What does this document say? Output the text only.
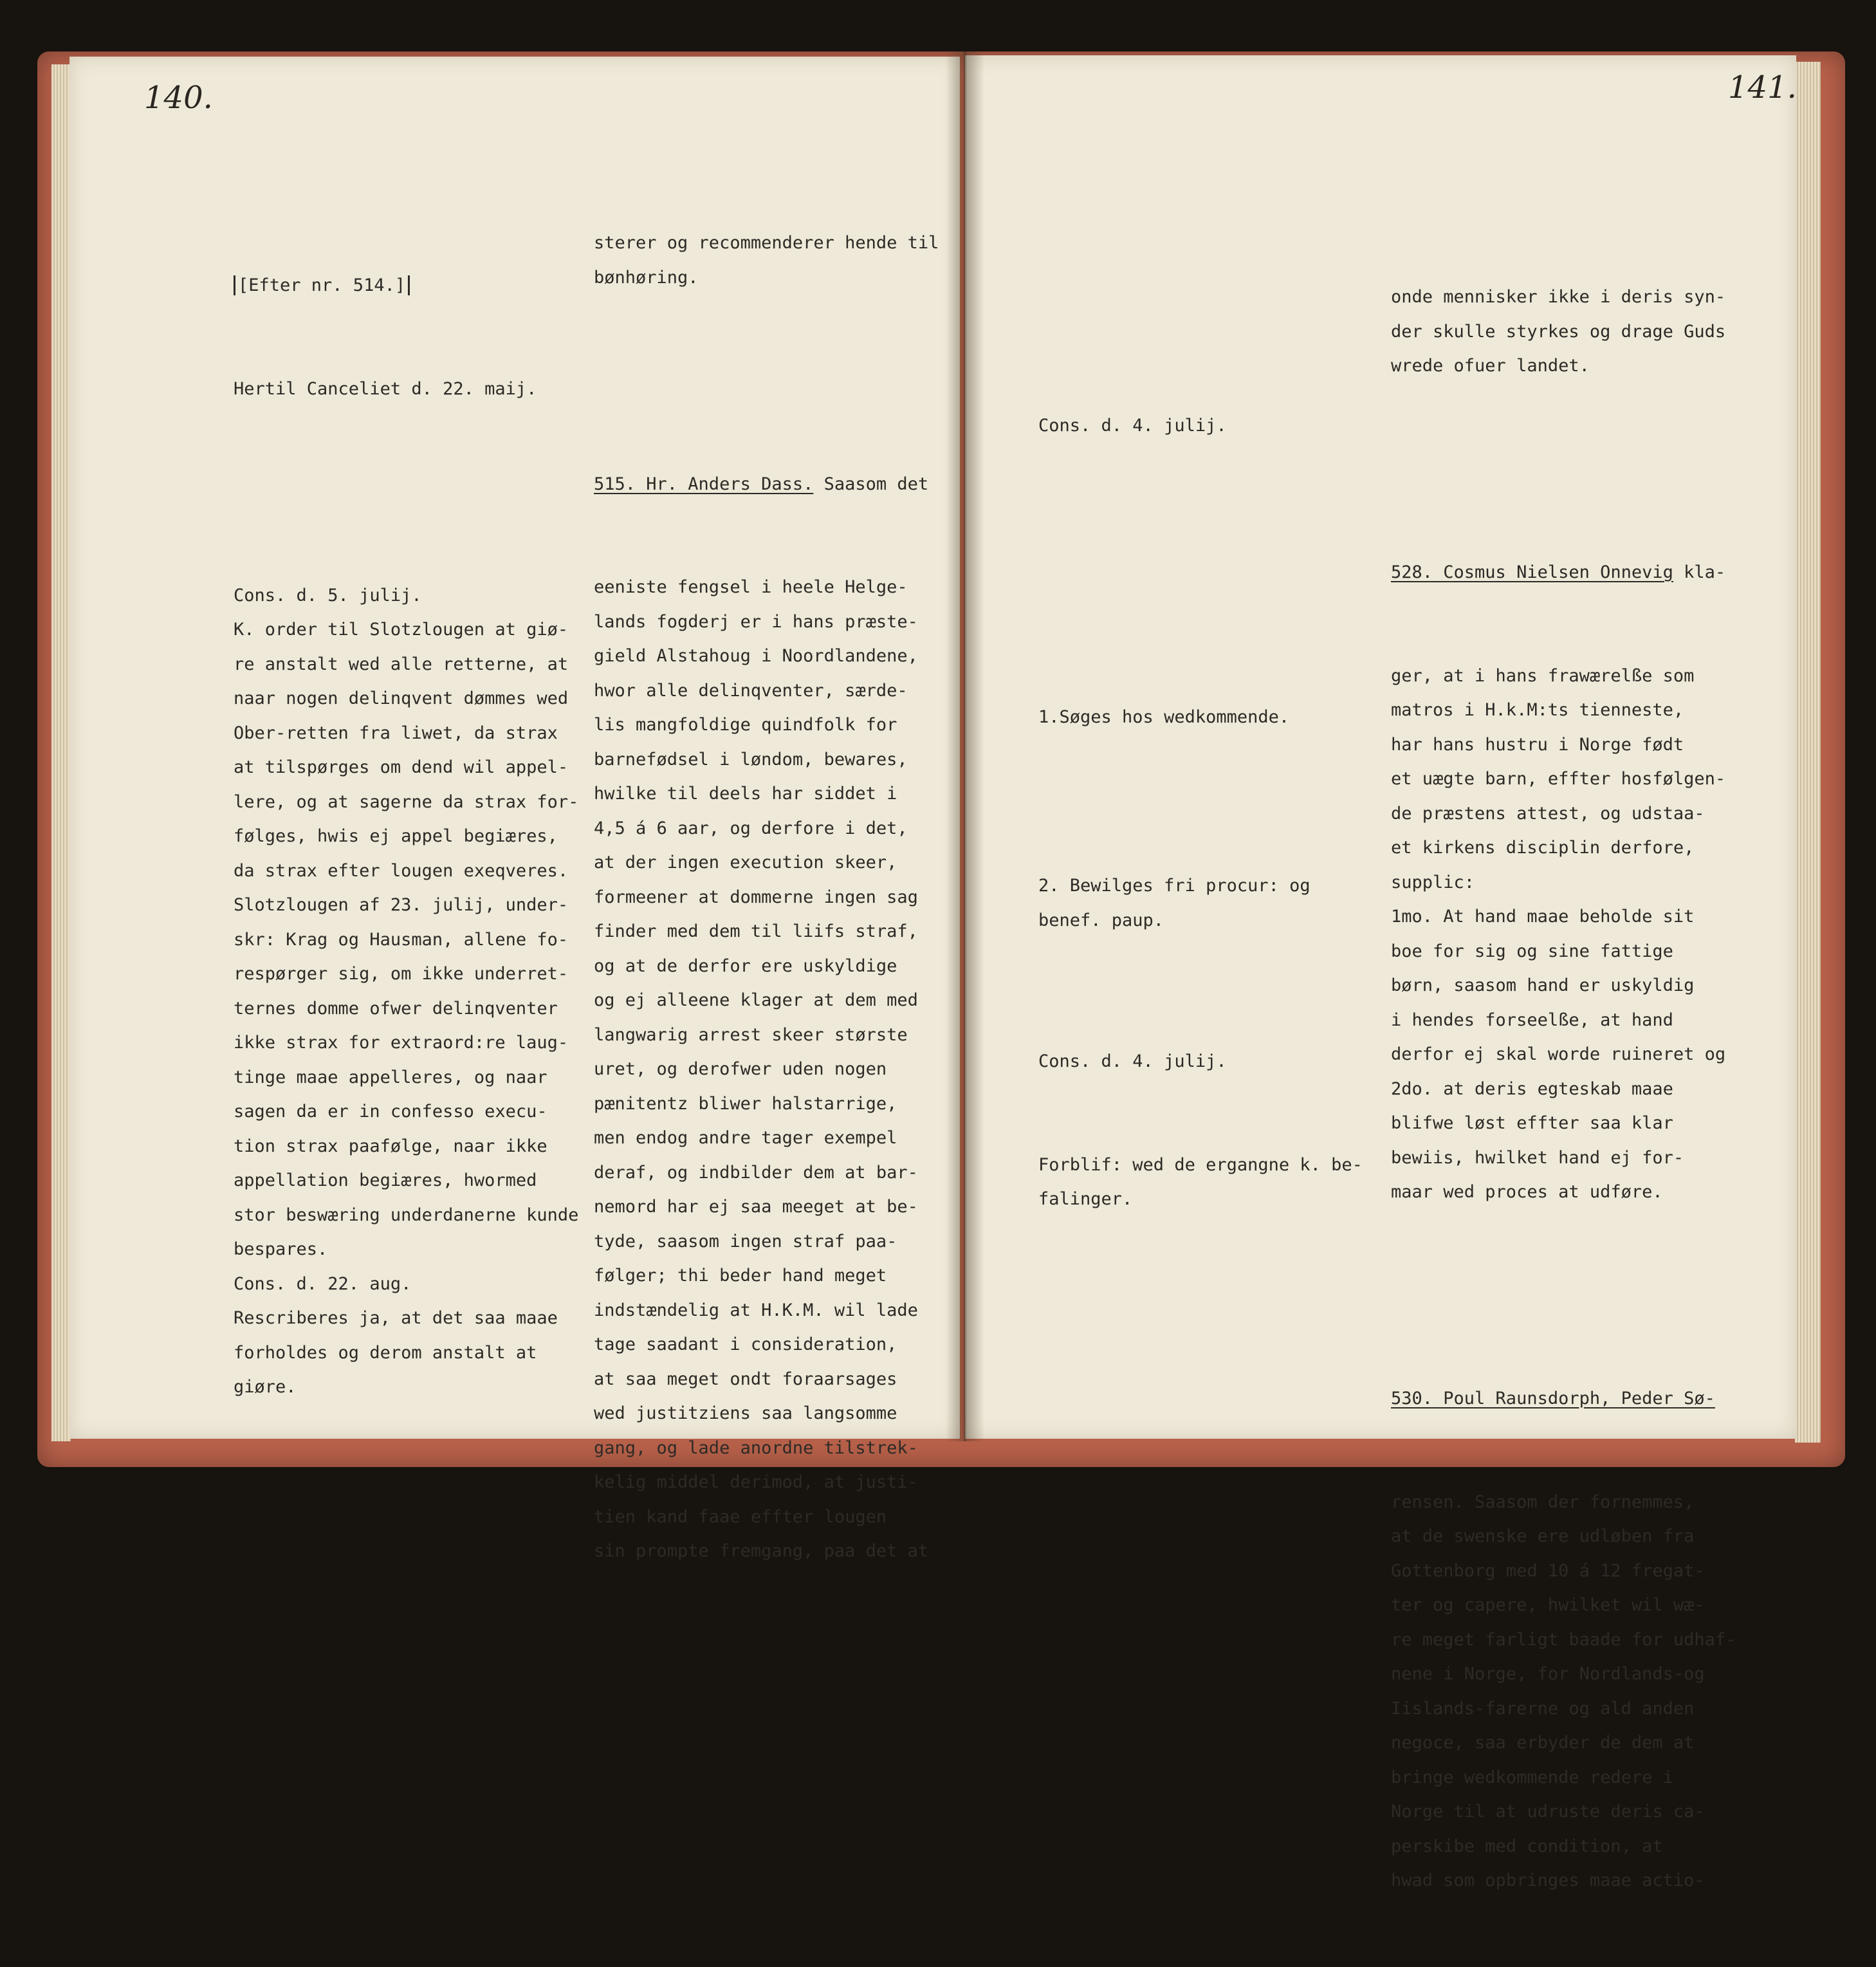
140.

[Efter nr. 514.]

Hertil Canceliet d. 22. maij.

Cons. d. 5. julij.
K. order til Slotzlougen at giø-
re anstalt wed alle retterne, at
naar nogen delinqvent dømmes wed
Ober-retten fra liwet, da strax
at tilspørges om dend wil appel-
lere, og at sagerne da strax for-
følges, hwis ej appel begiæres,
da strax efter lougen exeqveres.
Slotzlougen af 23. julij, under-
skr: Krag og Hausman, allene fo-
respørger sig, om ikke underret-
ternes domme ofwer delinqventer
ikke strax for extraord:re laug-
tinge maae appelleres, og naar
sagen da er in confesso execu-
tion strax paafølge, naar ikke
appellation begiæres, hwormed
stor beswæring underdanerne kunde
bespares.
Cons. d. 22. aug.
Rescriberes ja, at det saa maae
forholdes og derom anstalt at
giøre.

sterer og recommenderer hende til
bønhøring.

515. Hr. Anders Dass. Saasom det

eeniste fengsel i heele Helge-
lands fogderj er i hans præste-
gield Alstahoug i Noordlandene,
hwor alle delinqventer, særde-
lis mangfoldige quindfolk for
barnefødsel i løndom, bewares,
hwilke til deels har siddet i
4,5 á 6 aar, og derfore i det,
at der ingen execution skeer,
formeener at dommerne ingen sag
finder med dem til liifs straf,
og at de derfor ere uskyldige
og ej alleene klager at dem med
langwarig arrest skeer største
uret, og derofwer uden nogen
pænitentz bliwer halstarrige,
men endog andre tager exempel
deraf, og indbilder dem at bar-
nemord har ej saa meeget at be-
tyde, saasom ingen straf paa-
følger; thi beder hand meget
indstændelig at H.K.M. wil lade
tage saadant i consideration,
at saa meget ondt foraarsages
wed justitziens saa langsomme
gang, og lade anordne tilstrek-
kelig middel derimod, at justi-
tien kand faae effter lougen
sin prompte fremgang, paa det at

141.

Cons. d. 4. julij.

1.Søges hos wedkommende.

2. Bewilges fri procur: og
benef. paup.

Cons. d. 4. julij.

Forblif: wed de ergangne k. be-
falinger.

onde mennisker ikke i deris syn-
der skulle styrkes og drage Guds
wrede ofuer landet.

528. Cosmus Nielsen Onnevig kla-

ger, at i hans frawærelße som
matros i H.k.M:ts tienneste,
har hans hustru i Norge født
et uægte barn, effter hosfølgen-
de præstens attest, og udstaa-
et kirkens disciplin derfore,
supplic:
1mo. At hand maae beholde sit
boe for sig og sine fattige
børn, saasom hand er uskyldig
i hendes forseelße, at hand
derfor ej skal worde ruineret og
2do. at deris egteskab maae
blifwe løst effter saa klar
bewiis, hwilket hand ej for-
maar wed proces at udføre.

530. Poul Raunsdorph, Peder Sø-

rensen. Saasom der fornemmes,
at de swenske ere udløben fra
Gottenborg med 10 á 12 fregat-
ter og capere, hwilket wil wæ-
re meget farligt baade for udhaf-
nene i Norge, for Nordlands-og
Iislands-farerne og ald anden
negoce, saa erbyder de dem at
bringe wedkommende redere i
Norge til at udruste deris ca-
perskibe med condition, at
hwad som opbringes maae actio-
